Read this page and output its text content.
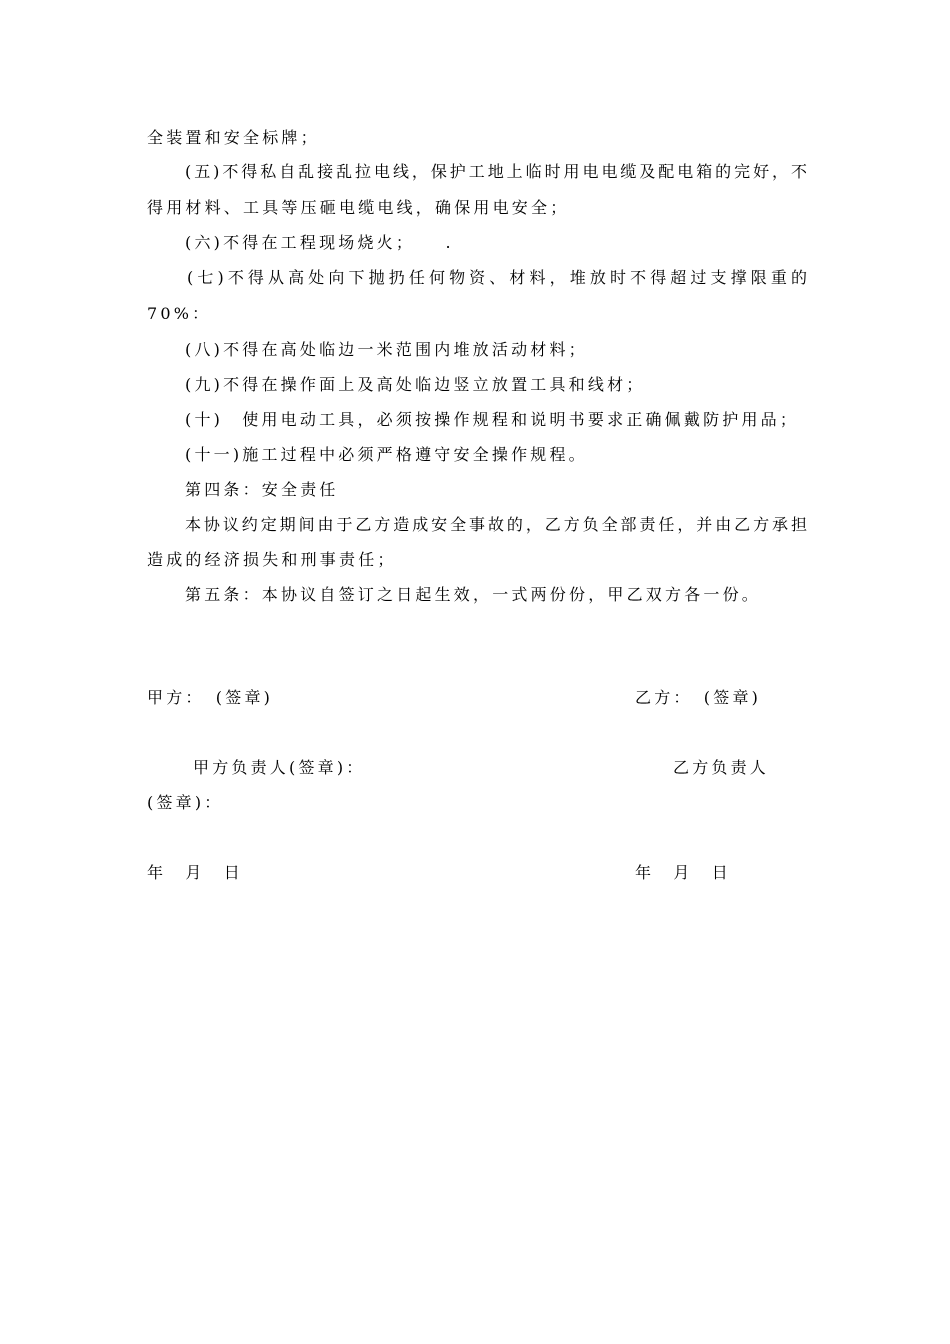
全装置和安全标牌；
(五)不得私自乱接乱拉电线，保护工地上临时用电电缆及配电箱的完好，不
得用材料、工具等压砸电缆电线，确保用电安全；
(六)不得在工程现场烧火；　　.
(七)不得从高处向下抛扔任何物资、材料，堆放时不得超过支撑限重的
70%：
(八)不得在高处临边一米范围内堆放活动材料；
(九)不得在操作面上及高处临边竖立放置工具和线材；
(十)　使用电动工具，必须按操作规程和说明书要求正确佩戴防护用品；
(十一)施工过程中必须严格遵守安全操作规程。
第四条：安全责任
本协议约定期间由于乙方造成安全事故的，乙方负全部责任，并由乙方承担
造成的经济损失和刑事责任；
第五条：本协议自签订之日起生效，一式两份份，甲乙双方各一份。
甲方：　(签章)	乙方：　(签章)
甲方负责人(签章)：	乙方负责人
(签章)：
年　月　日	年　月　日
